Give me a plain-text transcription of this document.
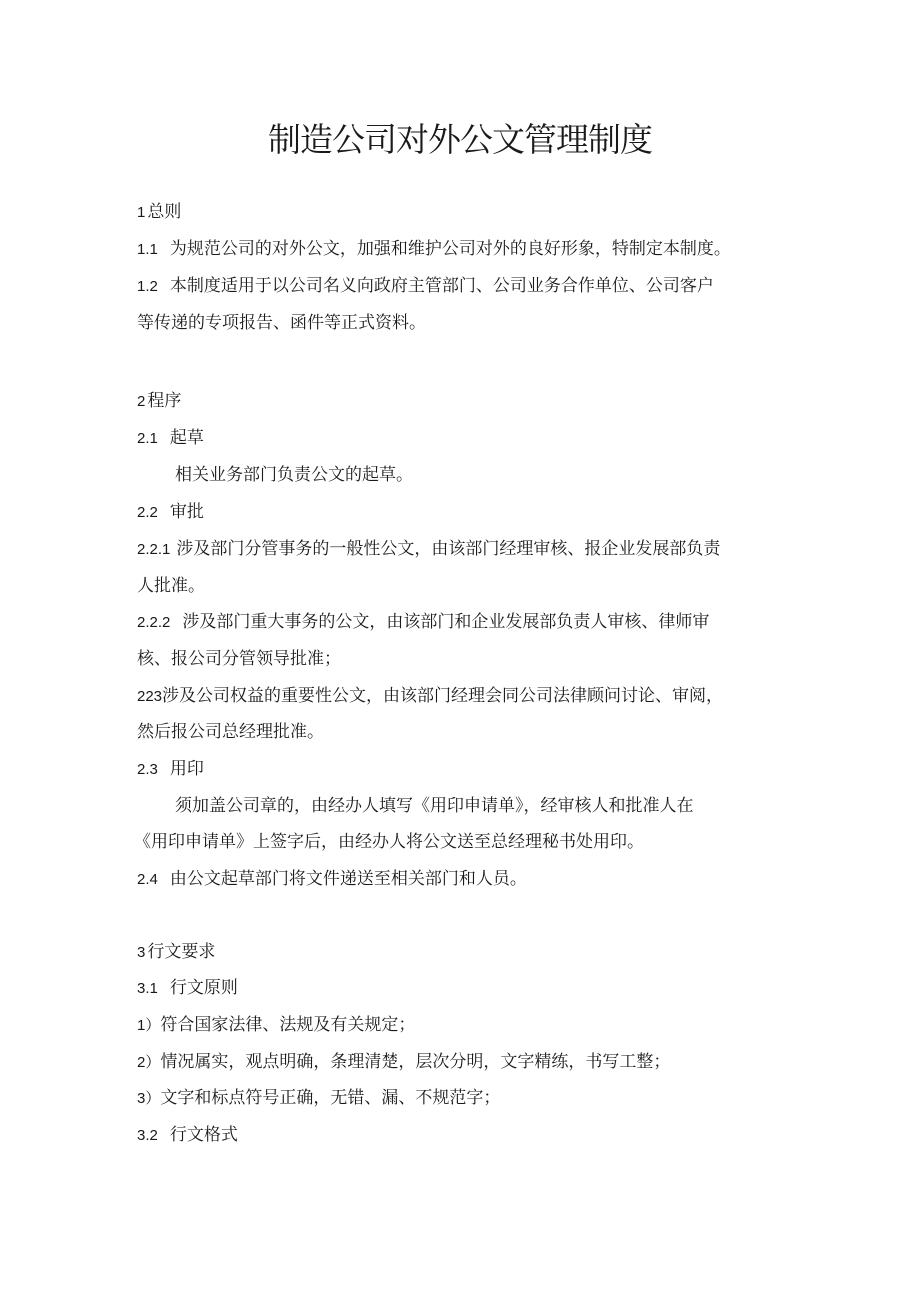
制造公司对外公文管理制度

1 总则

1.1 为规范公司的对外公文，加强和维护公司对外的良好形象，特制定本制度。

1.2 本制度适用于以公司名义向政府主管部门、公司业务合作单位、公司客户

等传递的专项报告、函件等正式资料。

2 程序

2.1 起草

相关业务部门负责公文的起草。

2.2 审批

2.2.1 涉及部门分管事务的一般性公文，由该部门经理审核、报企业发展部负责

人批准。

2.2.2 涉及部门重大事务的公文，由该部门和企业发展部负责人审核、律师审

核、报公司分管领导批准；

223涉及公司权益的重要性公文，由该部门经理会同公司法律顾问讨论、审阅，

然后报公司总经理批准。

2.3 用印

须加盖公司章的，由经办人填写《用印申请单》，经审核人和批准人在

《用印申请单》上签字后，由经办人将公文送至总经理秘书处用印。

2.4 由公文起草部门将文件递送至相关部门和人员。

3 行文要求

3.1 行文原则

1）符合国家法律、法规及有关规定；

2）情况属实，观点明确，条理清楚，层次分明，文字精练，书写工整；

3）文字和标点符号正确，无错、漏、不规范字；

3.2 行文格式
